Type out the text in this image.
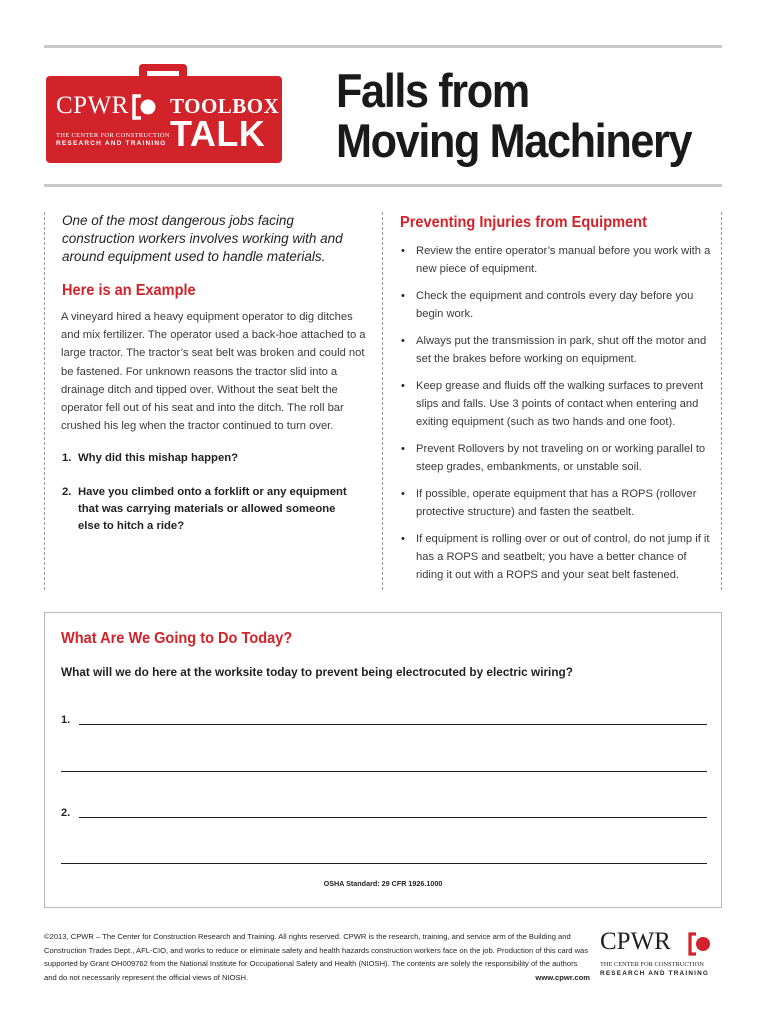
CPWR
THE CENTER FOR CONSTRUCTION
RESEARCH AND TRAINING
TOOLBOX
TALK
Falls from
Moving Machinery

One of the most dangerous jobs facing construction workers involves working with and around equipment used to handle materials.

Here is an Example

A vineyard hired a heavy equipment operator to dig ditches and mix fertilizer. The operator used a back-hoe attached to a large tractor. The tractor’s seat belt was broken and could not be fastened. For unknown reasons the tractor slid into a drainage ditch and tipped over. Without the seat belt the operator fell out of his seat and into the ditch. The roll bar crushed his leg when the tractor continued to turn over.

1. Why did this mishap happen?
2. Have you climbed onto a forklift or any equipment that was carrying materials or allowed someone else to hitch a ride?
Preventing Injuries from Equipment
• Review the entire operator’s manual before you work with a new piece of equipment.
• Check the equipment and controls every day before you begin work.
• Always put the transmission in park, shut off the motor and set the brakes before working on equipment.
• Keep grease and fluids off the walking surfaces to prevent slips and falls. Use 3 points of contact when entering and exiting equipment (such as two hands and one foot).
• Prevent Rollovers by not traveling on or working parallel to steep grades, embankments, or unstable soil.
• If possible, operate equipment that has a ROPS (rollover protective structure) and fasten the seatbelt.
• If equipment is rolling over or out of control, do not jump if it has a ROPS and seatbelt; you have a better chance of riding it out with a ROPS and your seat belt fastened.
What Are We Going to Do Today?
What will we do here at the worksite today to prevent being electrocuted by electric wiring?
1.
2.
OSHA Standard: 29 CFR 1926.1000
©2013, CPWR – The Center for Construction Research and Training. All rights reserved. CPWR is the research, training, and service arm of the Building and Construction Trades Dept., AFL-CIO, and works to reduce or eliminate safety and health hazards construction workers face on the job. Production of this card was supported by Grant OH009762 from the National Institute for Occupational Safety and Health (NIOSH). The contents are solely the responsibility of the authors and do not necessarily represent the official views of NIOSH.	www.cpwr.com
CPWR
THE CENTER FOR CONSTRUCTION
RESEARCH AND TRAINING
